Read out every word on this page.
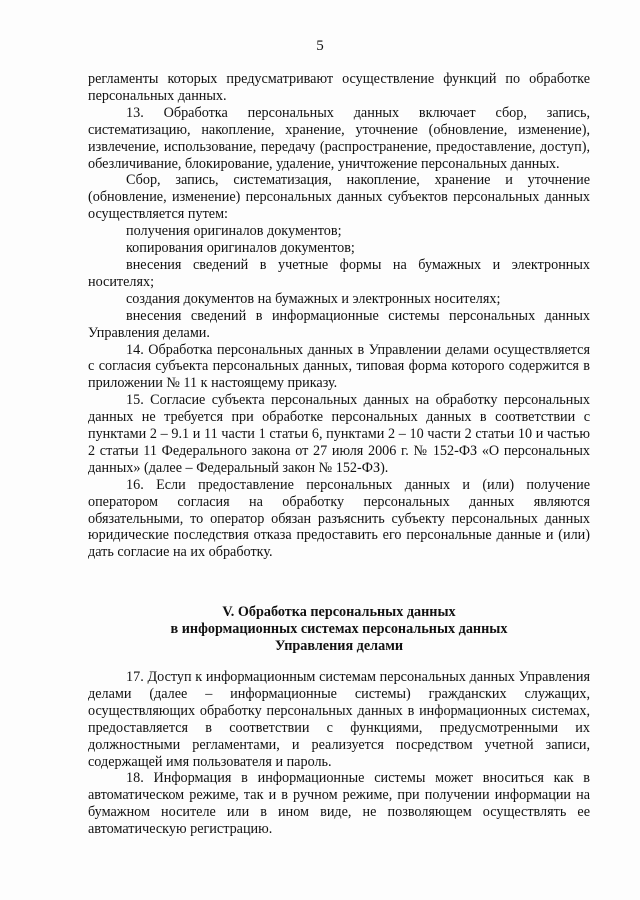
5

регламенты которых предусматривают осуществление функций по обработке персональных данных.

13. Обработка персональных данных включает сбор, запись, систематизацию, накопление, хранение, уточнение (обновление, изменение), извлечение, использование, передачу (распространение, предоставление, доступ), обезличивание, блокирование, удаление, уничтожение персональных данных.

Сбор, запись, систематизация, накопление, хранение и уточнение (обновление, изменение) персональных данных субъектов персональных данных осуществляется путем:

получения оригиналов документов;

копирования оригиналов документов;

внесения сведений в учетные формы на бумажных и электронных носителях;

создания документов на бумажных и электронных носителях;

внесения сведений в информационные системы персональных данных Управления делами.

14. Обработка персональных данных в Управлении делами осуществляется с согласия субъекта персональных данных, типовая форма которого содержится в приложении № 11 к настоящему приказу.

15. Согласие субъекта персональных данных на обработку персональных данных не требуется при обработке персональных данных в соответствии с пунктами 2 – 9.1 и 11 части 1 статьи 6, пунктами 2 – 10 части 2 статьи 10 и частью 2 статьи 11 Федерального закона от 27 июля 2006 г. № 152-ФЗ «О персональных данных» (далее – Федеральный закон № 152-ФЗ).

16. Если предоставление персональных данных и (или) получение оператором согласия на обработку персональных данных являются обязательными, то оператор обязан разъяснить субъекту персональных данных юридические последствия отказа предоставить его персональные данные и (или) дать согласие на их обработку.

V. Обработка персональных данных
в информационных системах персональных данных
Управления делами

17. Доступ к информационным системам персональных данных Управления делами (далее – информационные системы) гражданских служащих, осуществляющих обработку персональных данных в информационных системах, предоставляется в соответствии с функциями, предусмотренными их должностными регламентами, и реализуется посредством учетной записи, содержащей имя пользователя и пароль.

18. Информация в информационные системы может вноситься как в автоматическом режиме, так и в ручном режиме, при получении информации на бумажном носителе или в ином виде, не позволяющем осуществлять ее автоматическую регистрацию.
